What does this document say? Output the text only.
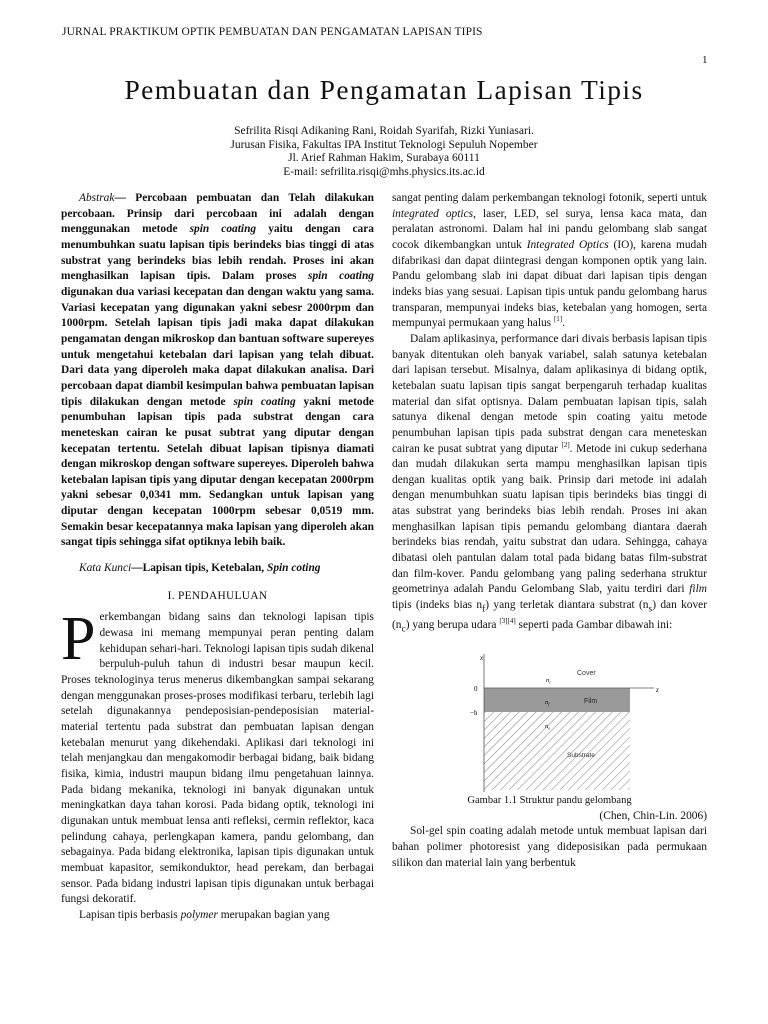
JURNAL PRAKTIKUM OPTIK PEMBUATAN DAN PENGAMATAN LAPISAN TIPIS
1
Pembuatan dan Pengamatan Lapisan Tipis
Sefrilita Risqi Adikaning Rani, Roidah Syarifah, Rizki Yuniasari.
Jurusan Fisika, Fakultas IPA Institut Teknologi Sepuluh Nopember
Jl. Arief Rahman Hakim, Surabaya 60111
E-mail: sefrilita.risqi@mhs.physics.its.ac.id

Abstrak— Percobaan pembuatan dan Telah dilakukan percobaan. Prinsip dari percobaan ini adalah dengan menggunakan metode spin coating yaitu dengan cara menumbuhkan suatu lapisan tipis berindeks bias tinggi di atas substrat yang berindeks bias lebih rendah. Proses ini akan menghasilkan lapisan tipis. Dalam proses spin coating digunakan dua variasi kecepatan dan dengan waktu yang sama. Variasi kecepatan yang digunakan yakni sebesr 2000rpm dan 1000rpm. Setelah lapisan tipis jadi maka dapat dilakukan pengamatan dengan mikroskop dan bantuan software supereyes untuk mengetahui ketebalan dari lapisan yang telah dibuat. Dari data yang diperoleh maka dapat dilakukan analisa. Dari percobaan dapat diambil kesimpulan bahwa pembuatan lapisan tipis dilakukan dengan metode spin coating yakni metode penumbuhan lapisan tipis pada substrat dengan cara meneteskan cairan ke pusat subtrat yang diputar dengan kecepatan tertentu. Setelah dibuat lapisan tipisnya diamati dengan mikroskop dengan software supereyes. Diperoleh bahwa ketebalan lapisan tipis yang diputar dengan kecepatan 2000rpm yakni sebesar 0,0341 mm. Sedangkan untuk lapisan yang diputar dengan kecepatan 1000rpm sebesar 0,0519 mm. Semakin besar kecepatannya maka lapisan yang diperoleh akan sangat tipis sehingga sifat optiknya lebih baik.

Kata Kunci—Lapisan tipis, Ketebalan, Spin coting

I. PENDAHULUAN

Perkembangan bidang sains dan teknologi lapisan tipis dewasa ini memang mempunyai peran penting dalam kehidupan sehari-hari. Teknologi lapisan tipis sudah dikenal berpuluh-puluh tahun di industri besar maupun kecil. Proses teknologinya terus menerus dikembangkan sampai sekarang dengan menggunakan proses-proses modifikasi terbaru, terlebih lagi setelah digunakannya pendeposisian-pendeposisian material-material tertentu pada substrat dan pembuatan lapisan dengan ketebalan menurut yang dikehendaki. Aplikasi dari teknologi ini telah menjangkau dan mengakomodir berbagai bidang, baik bidang fisika, kimia, industri maupun bidang ilmu pengetahuan lainnya. Pada bidang mekanika, teknologi ini banyak digunakan untuk meningkatkan daya tahan korosi. Pada bidang optik, teknologi ini digunakan untuk membuat lensa anti refleksi, cermin reflektor, kaca pelindung cahaya, perlengkapan kamera, pandu gelombang, dan sebagainya. Pada bidang elektronika, lapisan tipis digunakan untuk membuat kapasitor, semikonduktor, head perekam, dan berbagai sensor. Pada bidang industri lapisan tipis digunakan untuk berbagai fungsi dekoratif.

Lapisan tipis berbasis polymer merupakan bagian yang

sangat penting dalam perkembangan teknologi fotonik, seperti untuk integrated optics, laser, LED, sel surya, lensa kaca mata, dan peralatan astronomi. Dalam hal ini pandu gelombang slab sangat cocok dikembangkan untuk Integrated Optics (IO), karena mudah difabrikasi dan dapat diintegrasi dengan komponen optik yang lain. Pandu gelombang slab ini dapat dibuat dari lapisan tipis dengan indeks bias yang sesuai. Lapisan tipis untuk pandu gelombang harus transparan, mempunyai indeks bias, ketebalan yang homogen, serta mempunyai permukaan yang halus [1].

Dalam aplikasinya, performance dari divais berbasis lapisan tipis banyak ditentukan oleh banyak variabel, salah satunya ketebalan dari lapisan tersebut. Misalnya, dalam aplikasinya di bidang optik, ketebalan suatu lapisan tipis sangat berpengaruh terhadap kualitas material dan sifat optisnya. Dalam pembuatan lapisan tipis, salah satunya dikenal dengan metode spin coating yaitu metode penumbuhan lapisan tipis pada substrat dengan cara meneteskan cairan ke pusat subtrat yang diputar [2]. Metode ini cukup sederhana dan mudah dilakukan serta mampu menghasilkan lapisan tipis dengan kualitas optik yang baik. Prinsip dari metode ini adalah dengan menumbuhkan suatu lapisan tipis berindeks bias tinggi di atas substrat yang berindeks bias lebih rendah. Proses ini akan menghasilkan lapisan tipis pemandu gelombang diantara daerah berindeks bias rendah, yaitu substrat dan udara. Sehingga, cahaya dibatasi oleh pantulan dalam total pada bidang batas film-substrat dan film-kover. Pandu gelombang yang paling sederhana struktur geometrinya adalah Pandu Gelombang Slab, yaitu terdiri dari film tipis (indeks bias $n_f$) yang terletak diantara substrat $(n_s)$ dan kover $(n_c)$ yang berupa udara [3][4] seperti pada Gambar dibawah ini:

x
z
0
−h
$n_c$
Cover
$n_f$	Film
$n_s$
Substrate

Gambar 1.1 Struktur pandu gelombang

(Chen, Chin-Lin. 2006)

Sol-gel spin coating adalah metode untuk membuat lapisan dari bahan polimer photoresist yang dideposisikan pada permukaan silikon dan material lain yang berbentuk
